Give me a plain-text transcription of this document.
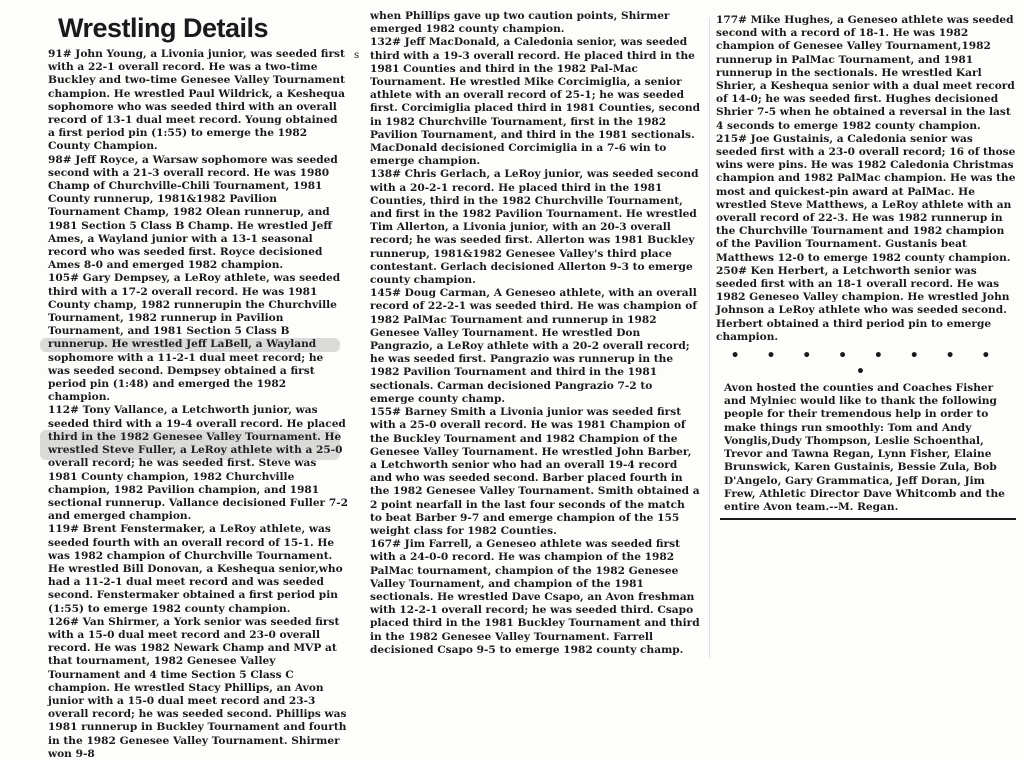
s
Wrestling Details

91# John Young, a Livonia junior, was seeded first with a 22-1 overall record. He was a two-time Buckley and two-time Genesee Valley Tournament champion. He wrestled Paul Wildrick, a Keshequa sophomore who was seeded third with an overall record of 13-1 dual meet record. Young obtained a first period pin (1:55) to emerge the 1982 County Champion.

98# Jeff Royce, a Warsaw sophomore was seeded second with a 21-3 overall record. He was 1980 Champ of Churchville-Chili Tournament, 1981 County runnerup, 1981&1982 Pavilion Tournament Champ, 1982 Olean runnerup, and 1981 Section 5 Class B Champ. He wrestled Jeff Ames, a Wayland junior with a 13-1 seasonal record who was seeded first. Royce decisioned Ames 8-0 and emerged 1982 champion.

105# Gary Dempsey, a LeRoy athlete, was seeded third with a 17-2 overall record. He was 1981 County champ, 1982 runnerupin the Churchville Tournament, 1982 runnerup in Pavilion Tournament, and 1981 Section 5 Class B runnerup. He wrestled Jeff LaBell, a Wayland sophomore with a 11-2-1 dual meet record; he was seeded second. Dempsey obtained a first period pin (1:48) and emerged the 1982 champion.

112# Tony Vallance, a Letchworth junior, was seeded third with a 19-4 overall record. He placed third in the 1982 Genesee Valley Tournament. He wrestled Steve Fuller, a LeRoy athlete with a 25-0 overall record; he was seeded first. Steve was 1981 County champion, 1982 Churchville champion, 1982 Pavilion champion, and 1981 sectional runnerup. Vallance decisioned Fuller 7-2 and emerged champion.

119# Brent Fenstermaker, a LeRoy athlete, was seeded fourth with an overall record of 15-1. He was 1982 champion of Churchville Tournament. He wrestled Bill Donovan, a Keshequa senior,who had a 11-2-1 dual meet record and was seeded second. Fenstermaker obtained a first period pin (1:55) to emerge 1982 county champion.

126# Van Shirmer, a York senior was seeded first with a 15-0 dual meet record and 23-0 overall record. He was 1982 Newark Champ and MVP at that tournament, 1982 Genesee Valley Tournament and 4 time Section 5 Class C champion. He wrestled Stacy Phillips, an Avon junior with a 15-0 dual meet record and 23-3 overall record; he was seeded second. Phillips was 1981 runnerup in Buckley Tournament and fourth in the 1982 Genesee Valley Tournament. Shirmer won 9-8

when Phillips gave up two caution points, Shirmer emerged 1982 county champion.

132# Jeff MacDonald, a Caledonia senior, was seeded third with a 19-3 overall record. He placed third in the 1981 Counties and third in the 1982 Pal-Mac Tournament. He wrestled Mike Corcimiglia, a senior athlete with an overall record of 25-1; he was seeded first. Corcimiglia placed third in 1981 Counties, second in 1982 Churchville Tournament, first in the 1982 Pavilion Tournament, and third in the 1981 sectionals. MacDonald decisioned Corcimiglia in a 7-6 win to emerge champion.

138# Chris Gerlach, a LeRoy junior, was seeded second with a 20-2-1 record. He placed third in the 1981 Counties, third in the 1982 Churchville Tournament, and first in the 1982 Pavilion Tournament. He wrestled Tim Allerton, a Livonia junior, with an 20-3 overall record; he was seeded first. Allerton was 1981 Buckley runnerup, 1981&1982 Genesee Valley's third place contestant. Gerlach decisioned Allerton 9-3 to emerge county champion.

145# Doug Carman, A Geneseo athlete, with an overall record of 22-2-1 was seeded third. He was champion of 1982 PalMac Tournament and runnerup in 1982 Genesee Valley Tournament. He wrestled Don Pangrazio, a LeRoy athlete with a 20-2 overall record; he was seeded first. Pangrazio was runnerup in the 1982 Pavilion Tournament and third in the 1981 sectionals. Carman decisioned Pangrazio 7-2 to emerge county champ.

155# Barney Smith a Livonia junior was seeded first with a 25-0 overall record. He was 1981 Champion of the Buckley Tournament and 1982 Champion of the Genesee Valley Tournament. He wrestled John Barber, a Letchworth senior who had an overall 19-4 record and who was seeded second. Barber placed fourth in the 1982 Genesee Valley Tournament. Smith obtained a 2 point nearfall in the last four seconds of the match to beat Barber 9-7 and emerge champion of the 155 weight class for 1982 Counties.

167# Jim Farrell, a Geneseo athlete was seeded first with a 24-0-0 record. He was champion of the 1982 PalMac tournament, champion of the 1982 Genesee Valley Tournament, and champion of the 1981 sectionals. He wrestled Dave Csapo, an Avon freshman with 12-2-1 overall record; he was seeded third. Csapo placed third in the 1981 Buckley Tournament and third in the 1982 Genesee Valley Tournament. Farrell decisioned Csapo 9-5 to emerge 1982 county champ.

177# Mike Hughes, a Geneseo athlete was seeded second with a record of 18-1. He was 1982 champion of Genesee Valley Tournament,1982 runnerup in PalMac Tournament, and 1981 runnerup in the sectionals. He wrestled Karl Shrier, a Keshequa senior with a dual meet record of 14-0; he was seeded first. Hughes decisioned Shrier 7-5 when he obtained a reversal in the last 4 seconds to emerge 1982 county champion.

215# Joe Gustainis, a Caledonia senior was seeded first with a 23-0 overall record; 16 of those wins were pins. He was 1982 Caledonia Christmas champion and 1982 PalMac champion. He was the most and quickest-pin award at PalMac. He wrestled Steve Matthews, a LeRoy athlete with an overall record of 22-3. He was 1982 runnerup in the Churchville Tournament and 1982 champion of the Pavilion Tournament. Gustanis beat Matthews 12-0 to emerge 1982 county champion.

250# Ken Herbert, a Letchworth senior was seeded first with an 18-1 overall record. He was 1982 Geneseo Valley champion. He wrestled John Johnson a LeRoy athlete who was seeded second. Herbert obtained a third period pin to emerge champion.

• • • • • • • • •

Avon hosted the counties and Coaches Fisher and Mylniec would like to thank the following people for their tremendous help in order to make things run smoothly: Tom and Andy Vonglis,Dudy Thompson, Leslie Schoenthal, Trevor and Tawna Regan, Lynn Fisher, Elaine Brunswick, Karen Gustainis, Bessie Zula, Bob D'Angelo, Gary Grammatica, Jeff Doran, Jim Frew, Athletic Director Dave Whitcomb and the entire Avon team.--M. Regan.
